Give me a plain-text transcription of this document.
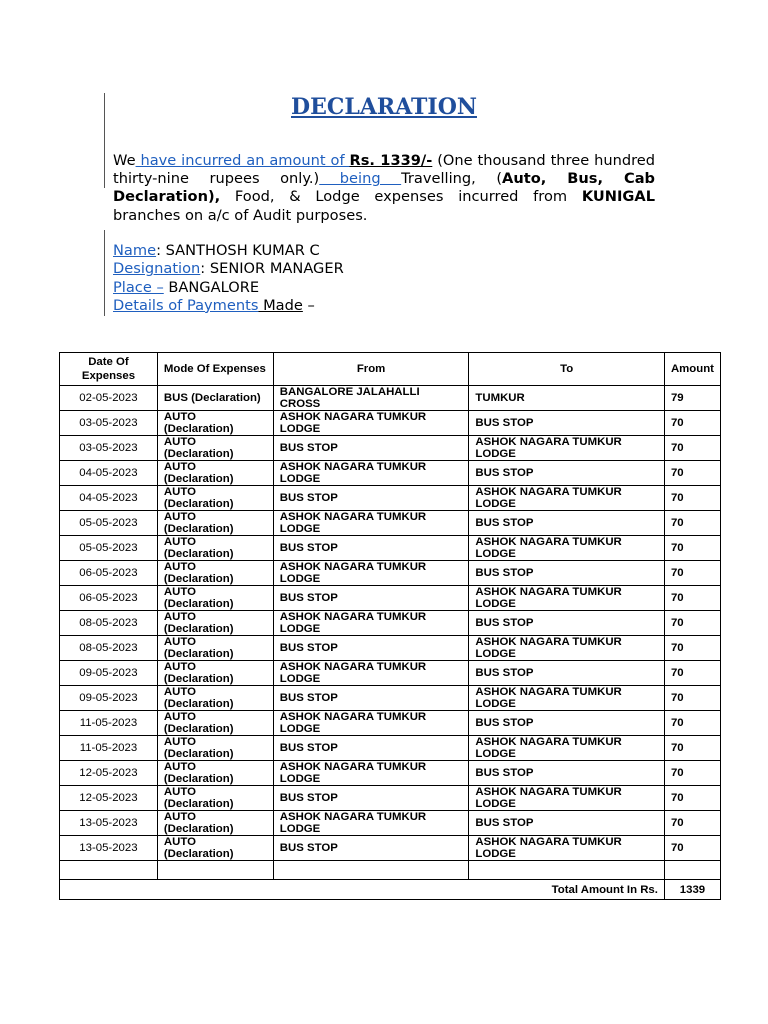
DECLARATION
We have incurred an amount of Rs. 1339/- (One thousand three hundred thirty-nine rupees only.) being Travelling, (Auto, Bus, Cab Declaration), Food, & Lodge expenses incurred from KUNIGAL branches on a/c of Audit purposes.
Name: SANTHOSH KUMAR C
Designation: SENIOR MANAGER
Place – BANGALORE
Details of Payments Made –
Date Of Expenses	Mode Of Expenses	From	To	Amount
02-05-2023	BUS (Declaration)	BANGALORE JALAHALLI CROSS	TUMKUR	79
03-05-2023	AUTO (Declaration)	ASHOK NAGARA TUMKUR LODGE	BUS STOP	70
03-05-2023	AUTO (Declaration)	BUS STOP	ASHOK NAGARA TUMKUR LODGE	70
04-05-2023	AUTO (Declaration)	ASHOK NAGARA TUMKUR LODGE	BUS STOP	70
04-05-2023	AUTO (Declaration)	BUS STOP	ASHOK NAGARA TUMKUR LODGE	70
05-05-2023	AUTO (Declaration)	ASHOK NAGARA TUMKUR LODGE	BUS STOP	70
05-05-2023	AUTO (Declaration)	BUS STOP	ASHOK NAGARA TUMKUR LODGE	70
06-05-2023	AUTO (Declaration)	ASHOK NAGARA TUMKUR LODGE	BUS STOP	70
06-05-2023	AUTO (Declaration)	BUS STOP	ASHOK NAGARA TUMKUR LODGE	70
08-05-2023	AUTO (Declaration)	ASHOK NAGARA TUMKUR LODGE	BUS STOP	70
08-05-2023	AUTO (Declaration)	BUS STOP	ASHOK NAGARA TUMKUR LODGE	70
09-05-2023	AUTO (Declaration)	ASHOK NAGARA TUMKUR LODGE	BUS STOP	70
09-05-2023	AUTO (Declaration)	BUS STOP	ASHOK NAGARA TUMKUR LODGE	70
11-05-2023	AUTO (Declaration)	ASHOK NAGARA TUMKUR LODGE	BUS STOP	70
11-05-2023	AUTO (Declaration)	BUS STOP	ASHOK NAGARA TUMKUR LODGE	70
12-05-2023	AUTO (Declaration)	ASHOK NAGARA TUMKUR LODGE	BUS STOP	70
12-05-2023	AUTO (Declaration)	BUS STOP	ASHOK NAGARA TUMKUR LODGE	70
13-05-2023	AUTO (Declaration)	ASHOK NAGARA TUMKUR LODGE	BUS STOP	70
13-05-2023	AUTO (Declaration)	BUS STOP	ASHOK NAGARA TUMKUR LODGE	70

Total Amount In Rs.				1339
